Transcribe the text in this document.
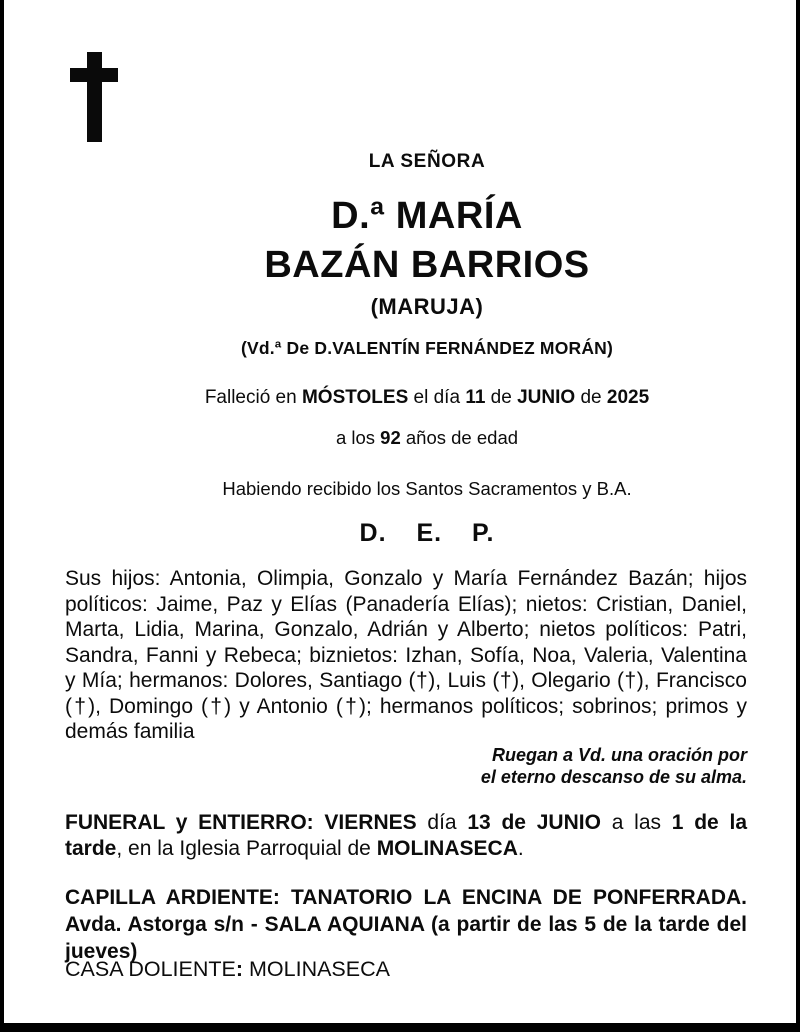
LA SEÑORA

D.ª MARÍA

BAZÁN BARRIOS

(MARUJA)

(Vd.ª De D.VALENTÍN FERNÁNDEZ MORÁN)

Falleció en MÓSTOLES el día 11 de JUNIO de 2025

a los 92 años de edad

Habiendo recibido los Santos Sacramentos y B.A.

D. E. P.

Sus hijos: Antonia, Olimpia, Gonzalo y María Fernández Bazán; hijos políticos: Jaime, Paz y Elías (Panadería Elías); nietos: Cristian, Daniel, Marta, Lidia, Marina, Gonzalo, Adrián y Alberto; nietos políticos: Patri, Sandra, Fanni y Rebeca; biznietos: Izhan, Sofía, Noa, Valeria, Valentina y Mía; hermanos: Dolores, Santiago (†), Luis (†), Olegario (†), Francisco (†), Domingo (†) y Antonio (†); hermanos políticos; sobrinos; primos y demás familia

Ruegan a Vd. una oración por
el eterno descanso de su alma.

FUNERAL y ENTIERRO: VIERNES día 13 de JUNIO a las 1 de la tarde, en la Iglesia Parroquial de MOLINASECA.

CAPILLA ARDIENTE: TANATORIO LA ENCINA DE PONFERRADA. Avda. Astorga s/n - SALA AQUIANA (a partir de las 5 de la tarde del jueves)

CASA DOLIENTE: MOLINASECA
